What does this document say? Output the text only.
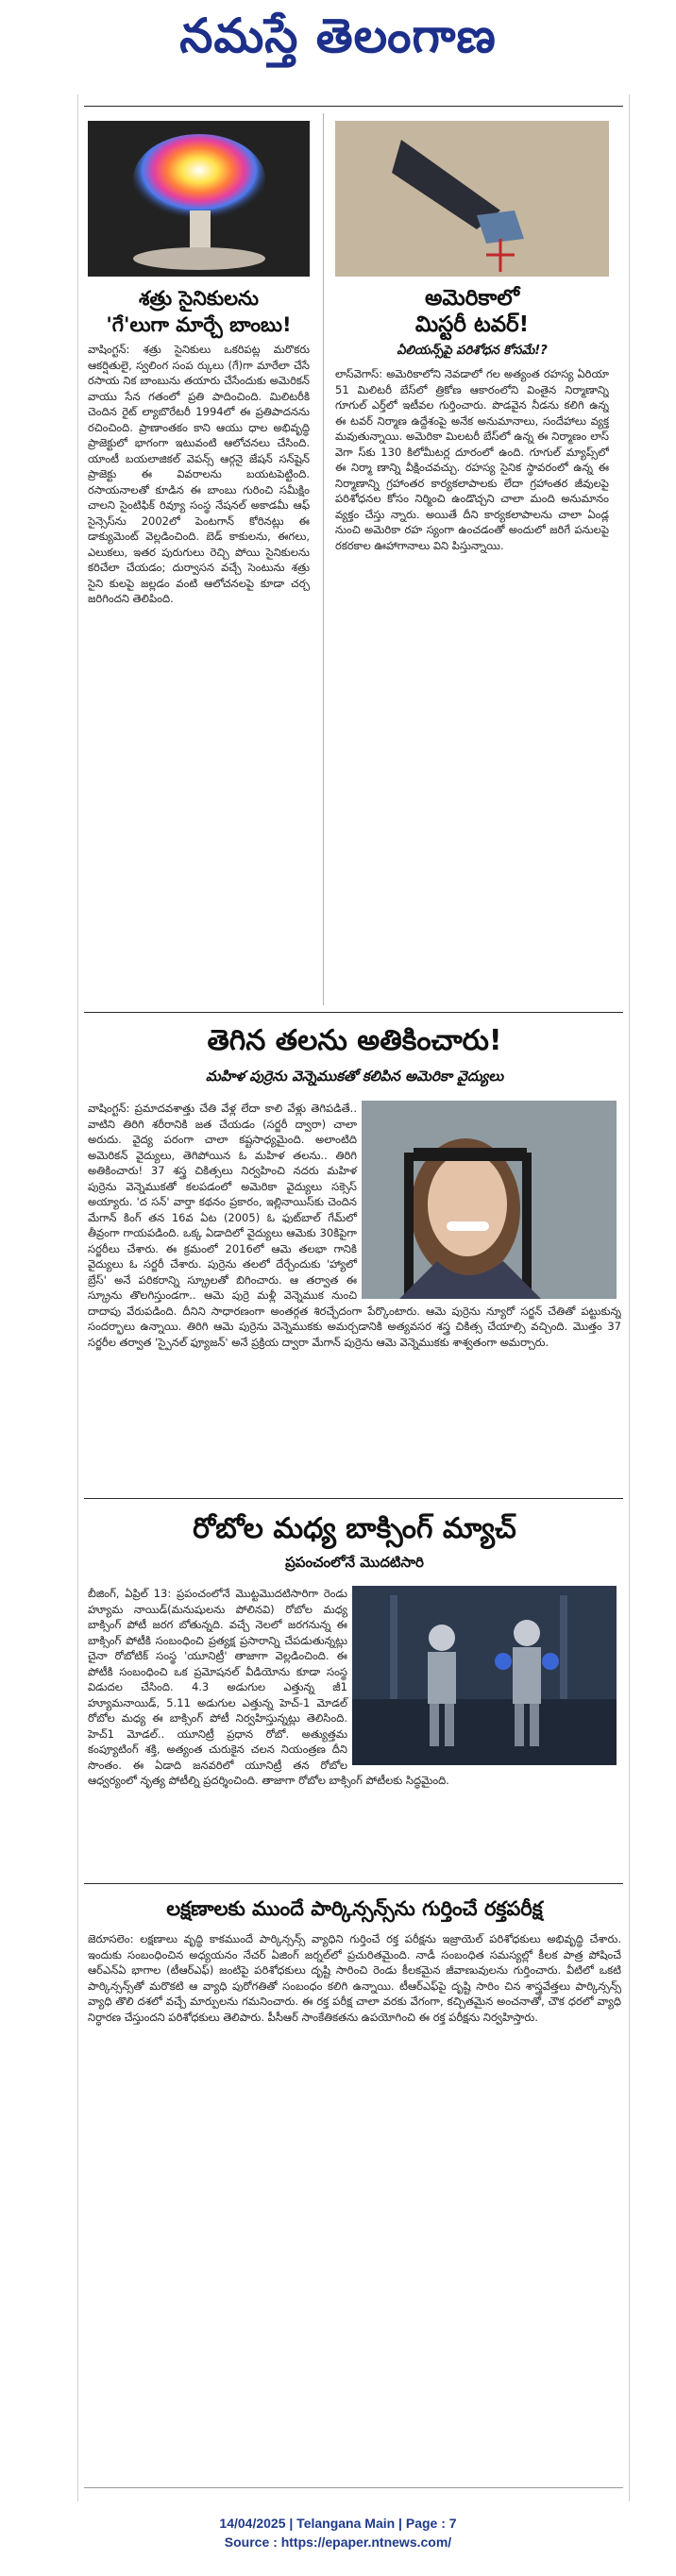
నమస్తే తెలంగాణ
శత్రు సైనికులను
'గే'లుగా మార్చే బాంబు!

వాషింగ్టన్: శత్రు సైనికులు ఒకరిపట్ల మరొకరు ఆకర్షితులై, స్వలింగ సంప ర్కులు (గే)గా మారేలా చేసే రసాయ నిక బాంబును తయారు చేసేందుకు అమెరికన్ వాయు సేన గతంలో ప్రతి పాదించింది. మిలిటరీకి చెందిన రైట్ ల్యాబొరేటరీ 1994లో ఈ ప్రతిపాదనను రచించింది. ప్రాణాంతకం కాని ఆయు ధాల అభివృద్ధి ప్రాజెక్టులో భాగంగా ఇటువంటి ఆలోచనలు చేసింది. యాంటీ బయలాజికల్ వెపన్స్ ఆర్గనై జేషన్ సన్‌షైన్ ప్రాజెక్టు ఈ వివరాలను బయటపెట్టింది. రసాయనాలతో కూడిన ఈ బాంబు గురించి సమీక్షిం చాలని సైంటిఫిక్ రివ్యూ సంస్థ నేషనల్ అకాడమీ ఆఫ్ సైన్సెస్‌ను 2002లో పెంటగాన్ కోరినట్లు ఈ డాక్యుమెంట్ వెల్లడించింది. బెడ్ కాకులను, ఈగలు, ఎలుకలు, ఇతర పురుగులు రెచ్చి పోయి సైనికులను కరిచేలా చేయడం; దుర్వాసన వచ్చే సెంటును శత్రు సైని కులపై జల్లడం వంటి ఆలోచనలపై కూడా చర్చ జరిగిందని తెలిపింది.

అమెరికాలో
మిస్టరీ టవర్!
ఏలియన్స్‌పై పరిశోధన కోసమే!?

లాస్‌వెగాస్: అమెరికాలోని నెవడాలో గల అత్యంత రహస్య ఏరియా 51 మిలిటరీ బేస్‌లో త్రికోణ ఆకారంలోని వింతైన నిర్మాణాన్ని గూగుల్ ఎర్త్‌లో ఇటీవల గుర్తించారు. పొడవైన నీడను కలిగి ఉన్న ఈ టవర్ నిర్మాణ ఉద్దేశంపై అనేక అనుమానాలు, సందేహాలు వ్యక్త మవుతున్నాయి. అమెరికా మిలటరీ బేస్‌లో ఉన్న ఈ నిర్మాణం లాస్ వెగా స్‌కు 130 కిలోమీటర్ల దూరంలో ఉంది. గూగుల్ మ్యాప్స్‌లో ఈ నిర్మా ణాన్ని వీక్షించవచ్చు. రహస్య సైనిక స్థావరంలో ఉన్న ఈ నిర్మాణాన్ని గ్రహాంతర కార్యకలాపాలకు లేదా గ్రహాంతర జీవులపై పరిశోధనల కోసం నిర్మించి ఉండొచ్చని చాలా మంది అనుమానం వ్యక్తం చేస్తు న్నారు. అయితే దీని కార్యకలాపాలను చాలా ఏండ్ల నుంచి అమెరికా రహ స్యంగా ఉంచడంతో అందులో జరిగే పనులపై రకరకాల ఊహాగానాలు విని పిస్తున్నాయి.

తెగిన తలను అతికించారు!
మహిళ పుర్రెను వెన్నెముకతో కలిపిన అమెరికా వైద్యులు

వాషింగ్టన్: ప్రమాదవశాత్తు చేతి వేళ్ల లేదా కాలి వేళ్లు తెగిపడితే.. వాటిని తిరిగి శరీరానికి జత చేయడం (సర్జరీ ద్వారా) చాలా అరుదు. వైద్య పరంగా చాలా కష్టసాధ్యమైంది. అలాంటిది అమెరికన్ వైద్యులు, తెగిపోయిన ఓ మహిళ తలను.. తిరిగి అతికించారు! 37 శస్త్ర చికిత్సలు నిర్వహించి నదరు మహిళ పుర్రెను వెన్నెముకతో కలపడంలో అమెరికా వైద్యులు సక్సెస్ అయ్యారు. 'ద సన్' వార్తా కథనం ప్రకారం, ఇల్లినాయిస్‌కు చెందిన మేగాన్ కింగ్ తన 16వ ఏట (2005) ఓ ఫుట్‌బాల్ గేమ్‌లో తీవ్రంగా గాయపడింది. ఒక్క ఏడాదిలో వైద్యులు ఆమెకు 30కిపైగా సర్జరీలు చేశారు. ఈ క్రమంలో 2016లో ఆమె తలభా గానికి వైద్యులు ఓ సర్జరీ చేశారు. పుర్రెను తలలో దేర్చేందుకు 'హ్యాలో బ్రేస్' అనే పరికరాన్ని స్క్రూలతో బిగించారు. ఆ తర్వాత ఈ స్క్రూను తొలగిస్తుండగా.. ఆమె పుర్రె మళ్లీ వెన్నెముక నుంచి దాదాపు వేరుపడింది. దీనిని సాధారణంగా అంతర్గత శిరచ్ఛేదంగా పేర్కొంటారు. ఆమె పుర్రెను న్యూరో సర్జన్ చేతితో పట్టుకున్న సందర్భాలు ఉన్నాయి. తిరిగి ఆమె పుర్రెను వెన్నెముకకు అమర్చడానికి అత్యవసర శస్త్ర చికిత్స చేయాల్సి వచ్చింది. మొత్తం 37 సర్జరీల తర్వాత 'స్పైనల్ ఫ్యూజన్' అనే ప్రక్రియ ద్వారా మేగాన్ పుర్రెను ఆమె వెన్నెముకకు శాశ్వతంగా అమర్చారు.

రోబోల మధ్య బాక్సింగ్ మ్యాచ్
ప్రపంచంలోనే మొదటిసారి

బీజింగ్, ఏప్రిల్ 13: ప్రపంచంలోనే మొట్టమొదటిసారిగా రెండు హ్యూమ నాయిడ్(మనుషులను పోలినవి) రోబోల మధ్య బాక్సింగ్ పోటీ జరగ బోతున్నది. వచ్చే నెలలో జరగనున్న ఈ బాక్సింగ్ పోటీకి సంబంధించి ప్రత్యక్ష ప్రసారాన్ని చేపడుతున్నట్లు చైనా రోబోటిక్ సంస్థ 'యూనిట్రీ' తాజాగా వెల్లడించింది. ఈ పోటీకి సంబంధించి ఒక ప్రమోషనల్ వీడియోను కూడా సంస్థ విడుదల చేసింది. 4.3 అడుగుల ఎత్తున్న జీ1 హ్యూమనాయిడ్, 5.11 అడుగుల ఎత్తున్న హెచ్-1 మోడల్ రోబోల మధ్య ఈ బాక్సింగ్ పోటీ నిర్వహిస్తున్నట్లు తెలిసింది. హెచ్1 మోడల్.. యూనిట్రీ ప్రధాన రోబో. అత్యుత్తమ కంప్యూటింగ్ శక్తి, అత్యంత చురుకైన చలన నియంత్రణ దీని సొంతం. ఈ ఏడాది జనవరిలో యూనిట్రీ తన రోబోల ఆధ్వర్యంలో నృత్య పోటీల్ని ప్రదర్శించింది. తాజాగా రోబోల బాక్సింగ్ పోటీలకు సిద్ధమైంది.

లక్షణాలకు ముందే పార్కిన్సన్స్‌ను గుర్తించే రక్తపరీక్ష

జెరూసలెం: లక్షణాలు వృద్ధి కాకముందే పార్కిన్సన్స్ వ్యాధిని గుర్తించే రక్త పరీక్షను ఇజ్రాయెల్ పరిశోధకులు అభివృద్ధి చేశారు. ఇందుకు సంబంధించిన అధ్యయనం నేచర్ ఏజింగ్ జర్నల్‌లో ప్రచురితమైంది. నాడీ సంబంధిత సమస్యల్లో కీలక పాత్ర పోషించే ఆర్ఎన్ఏ భాగాల (టీఆర్ఎఫ్) జంటిపై పరిశోధకులు దృష్టి సారించి రెండు కీలకమైన జీవాణువులను గుర్తించారు. వీటిలో ఒకటి పార్కిన్సన్స్‌తో మరొకటి ఆ వ్యాధి పురోగతితో సంబంధం కలిగి ఉన్నాయి. టీఆర్ఎఫ్‌పై దృష్టి సారిం చిన శాస్త్రవేత్తలు పార్కిన్సన్స్ వ్యాధి తొలి దశలో వచ్చే మార్పులను గమనించారు. ఈ రక్త పరీక్ష చాలా వరకు వేగంగా, కచ్చితమైన అంచనాతో, చౌక ధరలో వ్యాధి నిర్ధారణ చేస్తుందని పరిశోధకులు తెలిపారు. పీసీఆర్ సాంకేతికతను ఉపయోగించి ఈ రక్త పరీక్షను నిర్వహిస్తారు.

14/04/2025 | Telangana Main | Page : 7
Source : https://epaper.ntnews.com/
